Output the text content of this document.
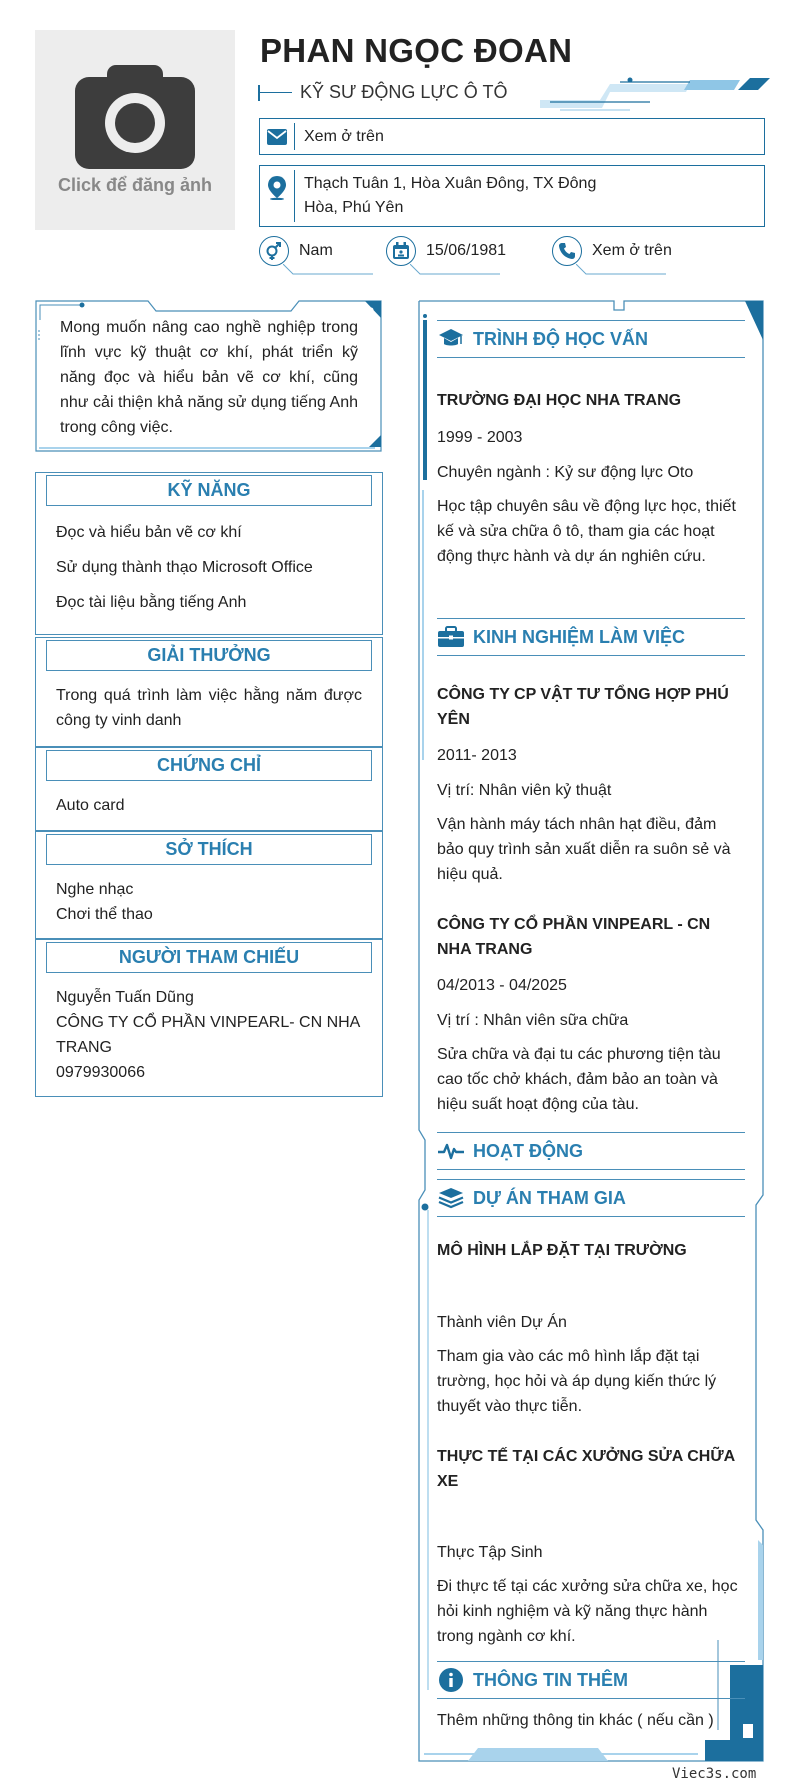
Click để đăng ảnh
PHAN NGỌC ĐOAN
KỸ SƯ ĐỘNG LỰC Ô TÔ
Xem ở trên
Thạch Tuân 1, Hòa Xuân Đông, TX Đông
Hòa, Phú Yên
Nam	15/06/1981	Xem ở trên
Mong muốn nâng cao nghề nghiệp trong lĩnh vực kỹ thuật cơ khí, phát triển kỹ năng đọc và hiểu bản vẽ cơ khí, cũng như cải thiện khả năng sử dụng tiếng Anh trong công việc.
KỸ NĂNG
Đọc và hiểu bản vẽ cơ khí
Sử dụng thành thạo Microsoft Office
Đọc tài liệu bằng tiếng Anh
GIẢI THƯỞNG
Trong quá trình làm việc hằng năm được công ty vinh danh
CHỨNG CHỈ
Auto card
SỞ THÍCH
Nghe nhạc
Chơi thể thao
NGƯỜI THAM CHIẾU
Nguyễn Tuấn Dũng
CÔNG TY CỔ PHẦN VINPEARL- CN NHA TRANG
0979930066
TRÌNH ĐỘ HỌC VẤN
TRƯỜNG ĐẠI HỌC NHA TRANG
1999 - 2003
Chuyên ngành : Kỷ sư động lực Oto
Học tập chuyên sâu về động lực học, thiết kế và sửa chữa ô tô, tham gia các hoạt động thực hành và dự án nghiên cứu.
KINH NGHIỆM LÀM VIỆC
CÔNG TY CP VẬT TƯ TỔNG HỢP PHÚ YÊN
2011- 2013
Vị trí: Nhân viên kỷ thuật
Vận hành máy tách nhân hạt điều, đảm bảo quy trình sản xuất diễn ra suôn sẻ và hiệu quả.
CÔNG TY CỔ PHẦN VINPEARL - CN NHA TRANG
04/2013 - 04/2025
Vị trí : Nhân viên sữa chữa
Sửa chữa và đại tu các phương tiện tàu cao tốc chở khách, đảm bảo an toàn và hiệu suất hoạt động của tàu.
HOẠT ĐỘNG
DỰ ÁN THAM GIA
MÔ HÌNH LẮP ĐẶT TẠI TRƯỜNG
Thành viên Dự Án
Tham gia vào các mô hình lắp đặt tại trường, học hỏi và áp dụng kiến thức lý thuyết vào thực tiễn.
THỰC TẾ TẠI CÁC XƯỞNG SỬA CHỮA XE
Thực Tập Sinh
Đi thực tế tại các xưởng sửa chữa xe, học hỏi kinh nghiệm và kỹ năng thực hành trong ngành cơ khí.
THÔNG TIN THÊM
Thêm những thông tin khác ( nếu cần )
Viec3s.com
